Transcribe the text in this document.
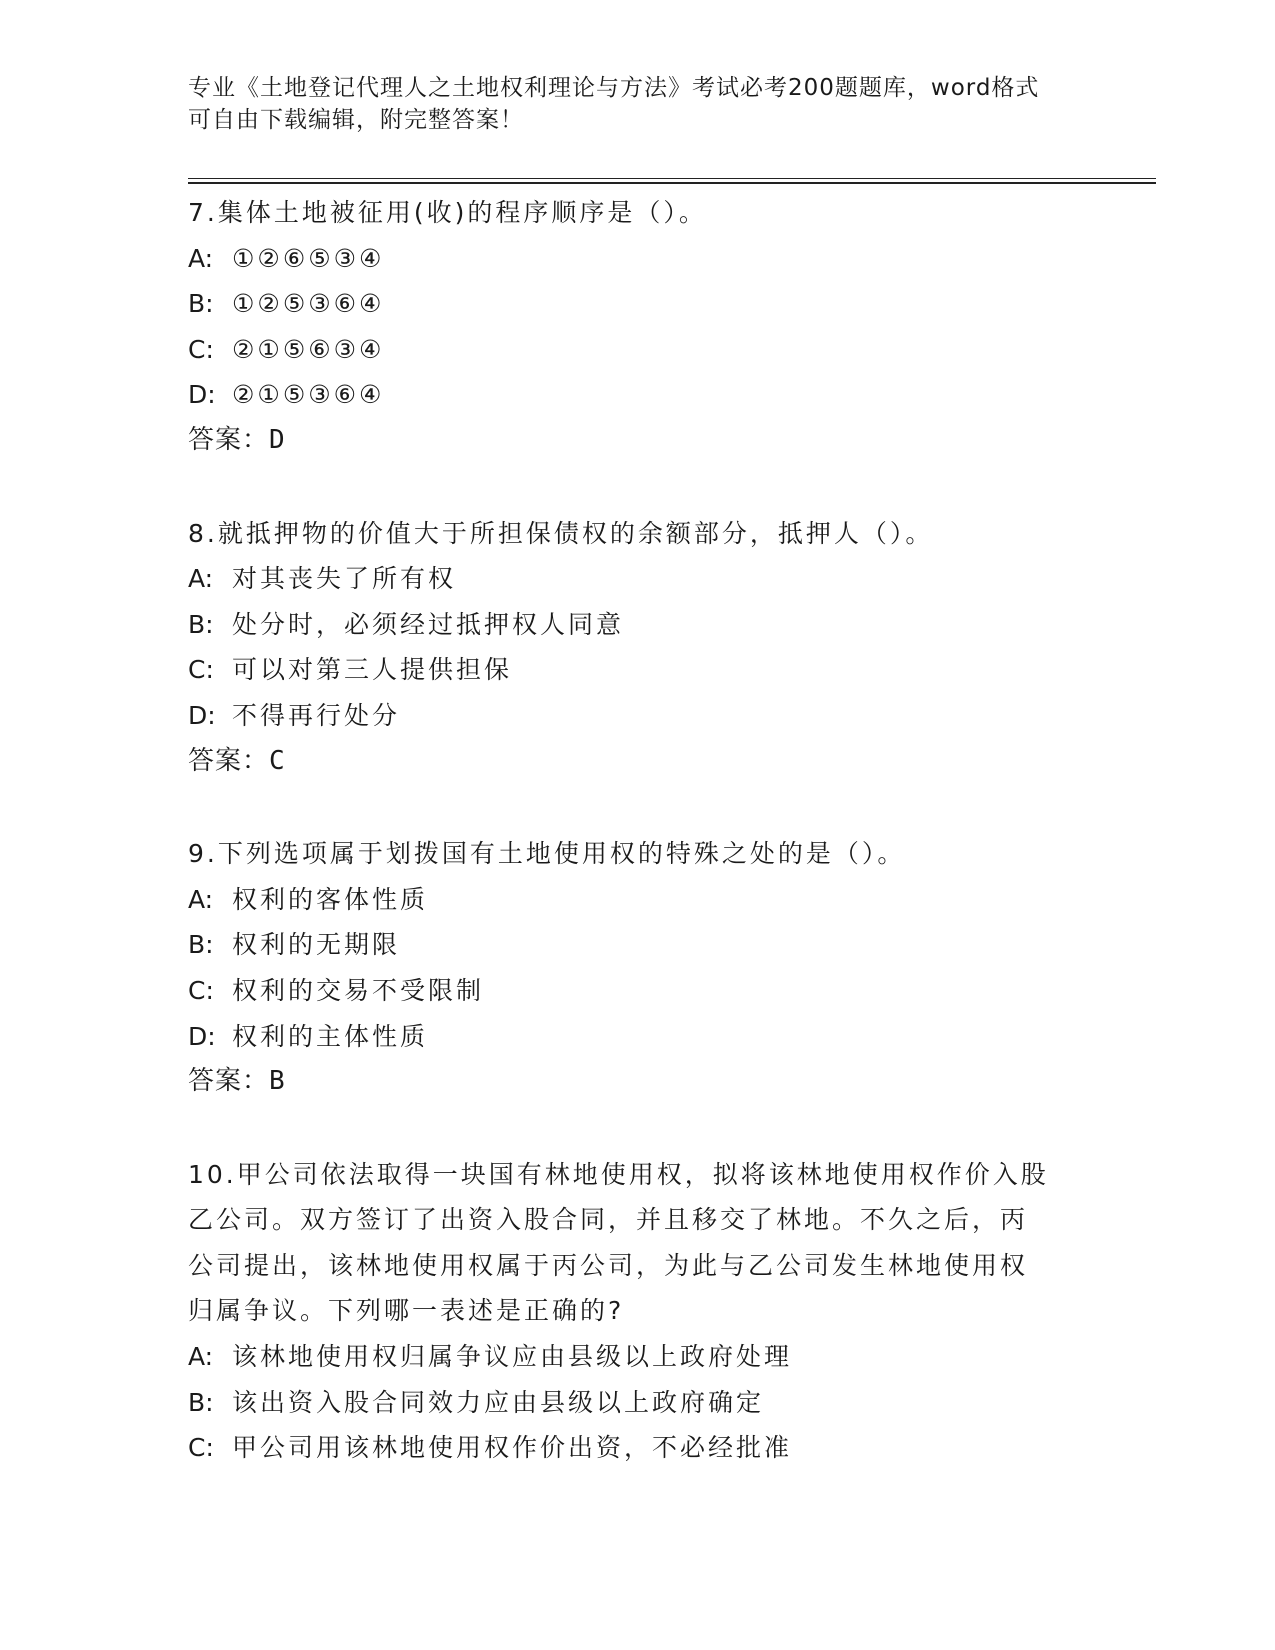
专业《土地登记代理人之土地权利理论与方法》考试必考200题题库，word格式
可自由下载编辑，附完整答案！
7.集体土地被征用(收)的程序顺序是（）。
A: ①②⑥⑤③④
B: ①②⑤③⑥④
C: ②①⑤⑥③④
D: ②①⑤③⑥④
答案：D
8.就抵押物的价值大于所担保债权的余额部分，抵押人（）。
A: 对其丧失了所有权
B: 处分时，必须经过抵押权人同意
C: 可以对第三人提供担保
D: 不得再行处分
答案：C
9.下列选项属于划拨国有土地使用权的特殊之处的是（）。
A: 权利的客体性质
B: 权利的无期限
C: 权利的交易不受限制
D: 权利的主体性质
答案：B
10.甲公司依法取得一块国有林地使用权，拟将该林地使用权作价入股
乙公司。双方签订了出资入股合同，并且移交了林地。不久之后，丙
公司提出，该林地使用权属于丙公司，为此与乙公司发生林地使用权
归属争议。下列哪一表述是正确的?
A: 该林地使用权归属争议应由县级以上政府处理
B: 该出资入股合同效力应由县级以上政府确定
C: 甲公司用该林地使用权作价出资，不必经批准
